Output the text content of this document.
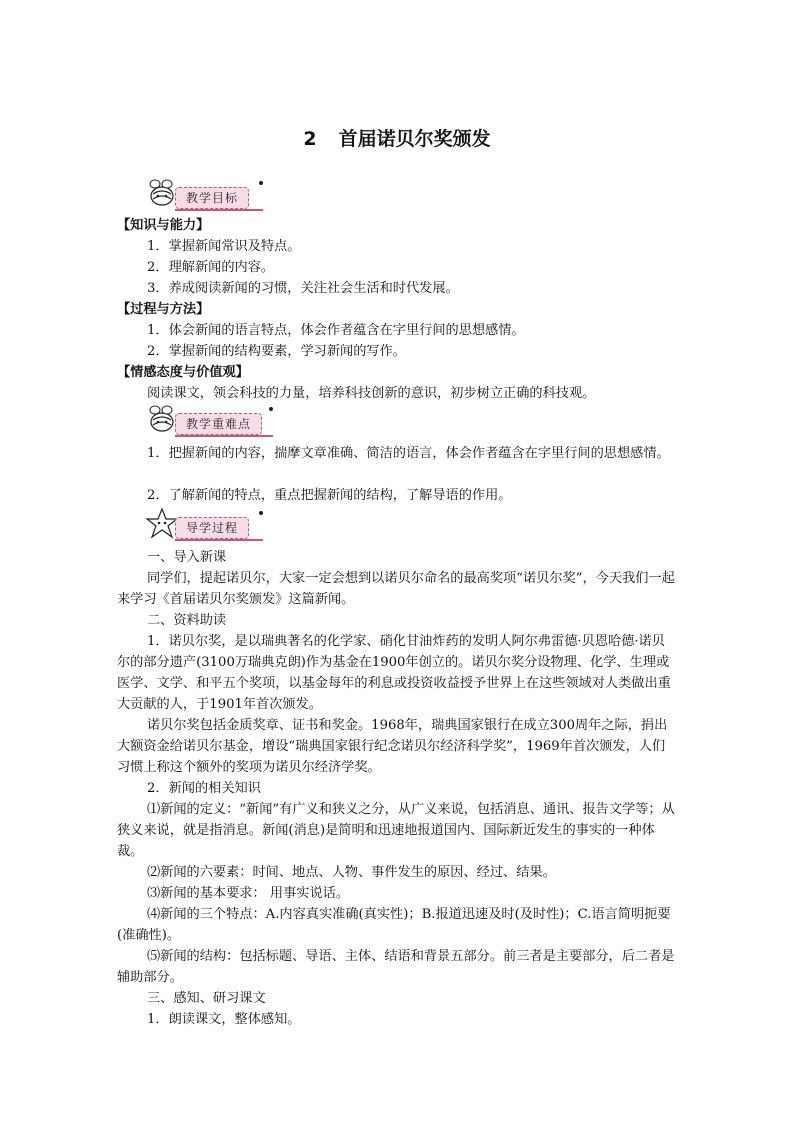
2 首届诺贝尔奖颁发
教学目标
【知识与能力】
1．掌握新闻常识及特点。
2．理解新闻的内容。
3．养成阅读新闻的习惯，关注社会生活和时代发展。
【过程与方法】
1．体会新闻的语言特点，体会作者蕴含在字里行间的思想感情。
2．掌握新闻的结构要素，学习新闻的写作。
【情感态度与价值观】
阅读课文，领会科技的力量，培养科技创新的意识，初步树立正确的科技观。
教学重难点
1．把握新闻的内容，揣摩文章准确、简洁的语言，体会作者蕴含在字里行间的思想感情。
2．了解新闻的特点，重点把握新闻的结构，了解导语的作用。
导学过程
一、导入新课
同学们，提起诺贝尔，大家一定会想到以诺贝尔命名的最高奖项“诺贝尔奖”，今天我们一起来学习《首届诺贝尔奖颁发》这篇新闻。
二、资料助读
1．诺贝尔奖，是以瑞典著名的化学家、硝化甘油炸药的发明人阿尔弗雷德·贝恩哈德·诺贝尔的部分遗产(3100万瑞典克朗)作为基金在1900年创立的。诺贝尔奖分设物理、化学、生理或医学、文学、和平五个奖项，以基金每年的利息或投资收益授予世界上在这些领域对人类做出重大贡献的人，于1901年首次颁发。
诺贝尔奖包括金质奖章、证书和奖金。1968年，瑞典国家银行在成立300周年之际，捐出大额资金给诺贝尔基金，增设“瑞典国家银行纪念诺贝尔经济科学奖”，1969年首次颁发，人们习惯上称这个额外的奖项为诺贝尔经济学奖。
2．新闻的相关知识
⑴新闻的定义：“新闻”有广义和狭义之分，从广义来说，包括消息、通讯、报告文学等；从狭义来说，就是指消息。新闻(消息)是简明和迅速地报道国内、国际新近发生的事实的一种体裁。
⑵新闻的六要素：时间、地点、人物、事件发生的原因、经过、结果。
⑶新闻的基本要求： 用事实说话。
⑷新闻的三个特点：A.内容真实准确(真实性)；B.报道迅速及时(及时性)；C.语言简明扼要(准确性)。
⑸新闻的结构：包括标题、导语、主体、结语和背景五部分。前三者是主要部分，后二者是辅助部分。
三、感知、研习课文
1．朗读课文，整体感知。
